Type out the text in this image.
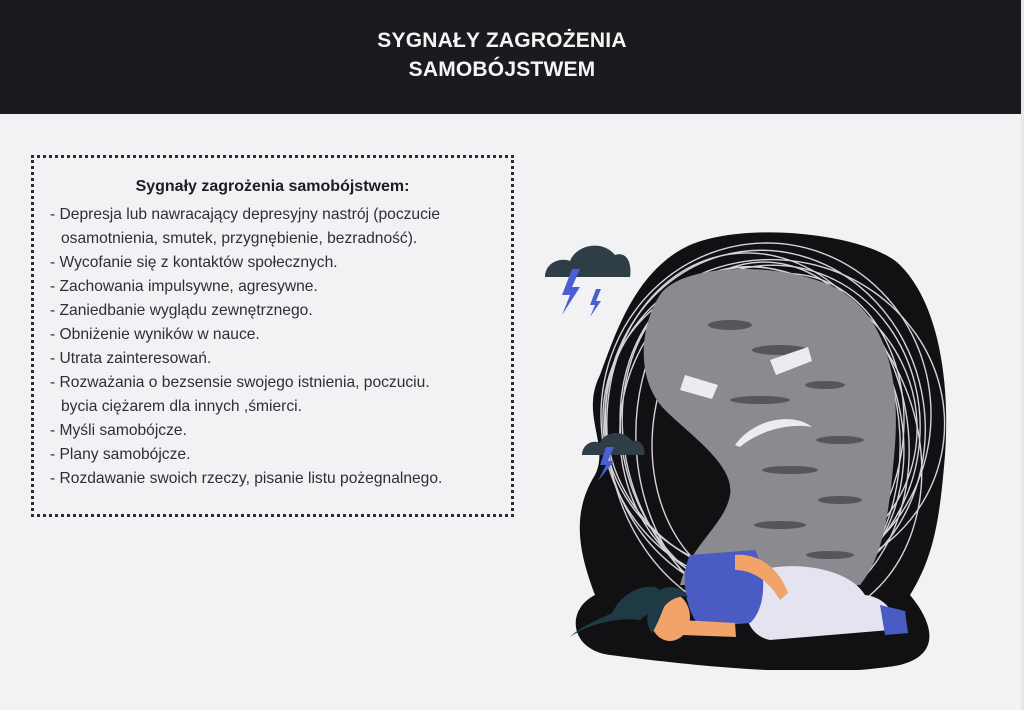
SYGNAŁY ZAGROŻENIA
SAMOBÓJSTWEM
Sygnały zagrożenia samobójstwem:
- Depresja lub nawracający depresyjny nastrój (poczucie
osamotnienia, smutek, przygnębienie, bezradność).
- Wycofanie się z kontaktów społecznych.
- Zachowania impulsywne, agresywne.
- Zaniedbanie wyglądu zewnętrznego.
- Obniżenie wyników w nauce.
- Utrata zainteresowań.
- Rozważania o bezsensie swojego istnienia, poczuciu.
bycia ciężarem dla innych ,śmierci.
- Myśli samobójcze.
- Plany samobójcze.
- Rozdawanie swoich rzeczy, pisanie listu pożegnalnego.
